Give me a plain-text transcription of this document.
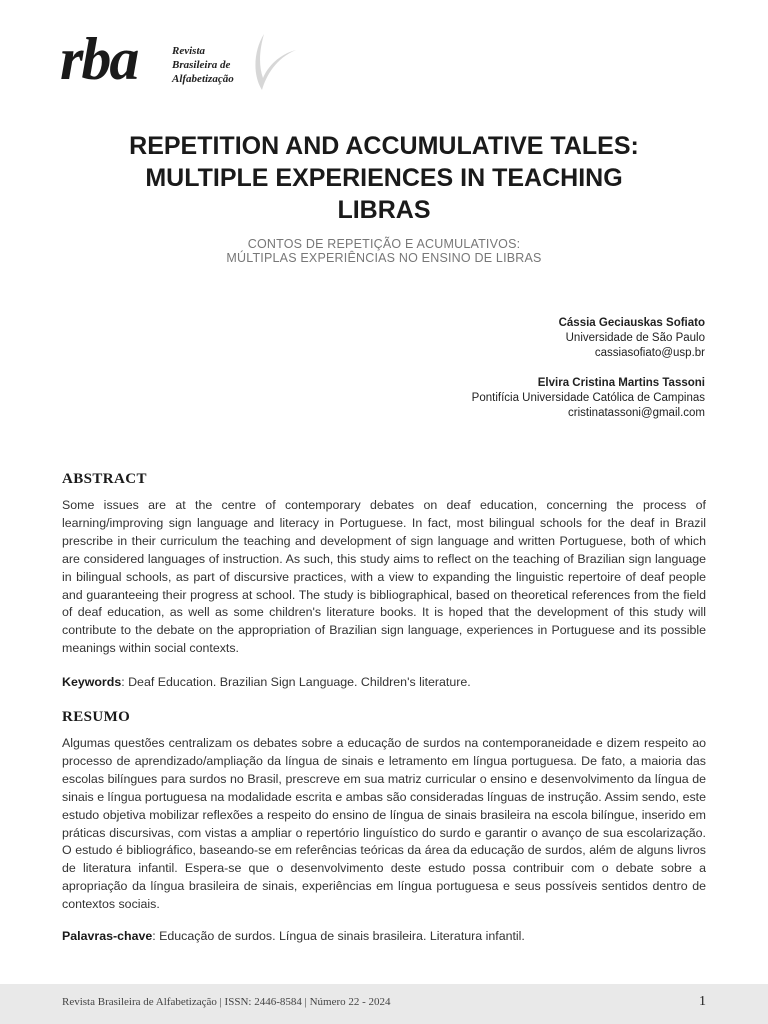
rba	Revista
Brasileira de
Alfabetização
REPETITION AND ACCUMULATIVE TALES:
MULTIPLE EXPERIENCES IN TEACHING
LIBRAS
CONTOS DE REPETIÇÃO E ACUMULATIVOS:
MÚLTIPLAS EXPERIÊNCIAS NO ENSINO DE LIBRAS
Cássia Geciauskas Sofiato
Universidade de São Paulo
cassiasofiato@usp.br
Elvira Cristina Martins Tassoni
Pontifícia Universidade Católica de Campinas
cristinatassoni@gmail.com
ABSTRACT

Some issues are at the centre of contemporary debates on deaf education, concerning the process of learning/improving sign language and literacy in Portuguese. In fact, most bilingual schools for the deaf in Brazil prescribe in their curriculum the teaching and development of sign language and written Portuguese, both of which are considered languages of instruction. As such, this study aims to reflect on the teaching of Brazilian sign language in bilingual schools, as part of discursive practices, with a view to expanding the linguistic repertoire of deaf people and guaranteeing their progress at school. The study is bibliographical, based on theoretical references from the field of deaf education, as well as some children's literature books. It is hoped that the development of this study will contribute to the debate on the appropriation of Brazilian sign language, experiences in Portuguese and its possible meanings within social contexts.

Keywords: Deaf Education. Brazilian Sign Language. Children's literature.
RESUMO

Algumas questões centralizam os debates sobre a educação de surdos na contemporaneidade e dizem respeito ao processo de aprendizado/ampliação da língua de sinais e letramento em língua portuguesa. De fato, a maioria das escolas bilíngues para surdos no Brasil, prescreve em sua matriz curricular o ensino e desenvolvimento da língua de sinais e língua portuguesa na modalidade escrita e ambas são consideradas línguas de instrução. Assim sendo, este estudo objetiva mobilizar reflexões a respeito do ensino de língua de sinais brasileira na escola bilíngue, inserido em práticas discursivas, com vistas a ampliar o repertório linguístico do surdo e garantir o avanço de sua escolarização. O estudo é bibliográfico, baseando-se em referências teóricas da área da educação de surdos, além de alguns livros de literatura infantil. Espera-se que o desenvolvimento deste estudo possa contribuir com o debate sobre a apropriação da língua brasileira de sinais, experiências em língua portuguesa e seus possíveis sentidos dentro de contextos sociais.

Palavras-chave: Educação de surdos. Língua de sinais brasileira. Literatura infantil.
Revista Brasileira de Alfabetização | ISSN: 2446-8584 | Número 22 - 2024	1
